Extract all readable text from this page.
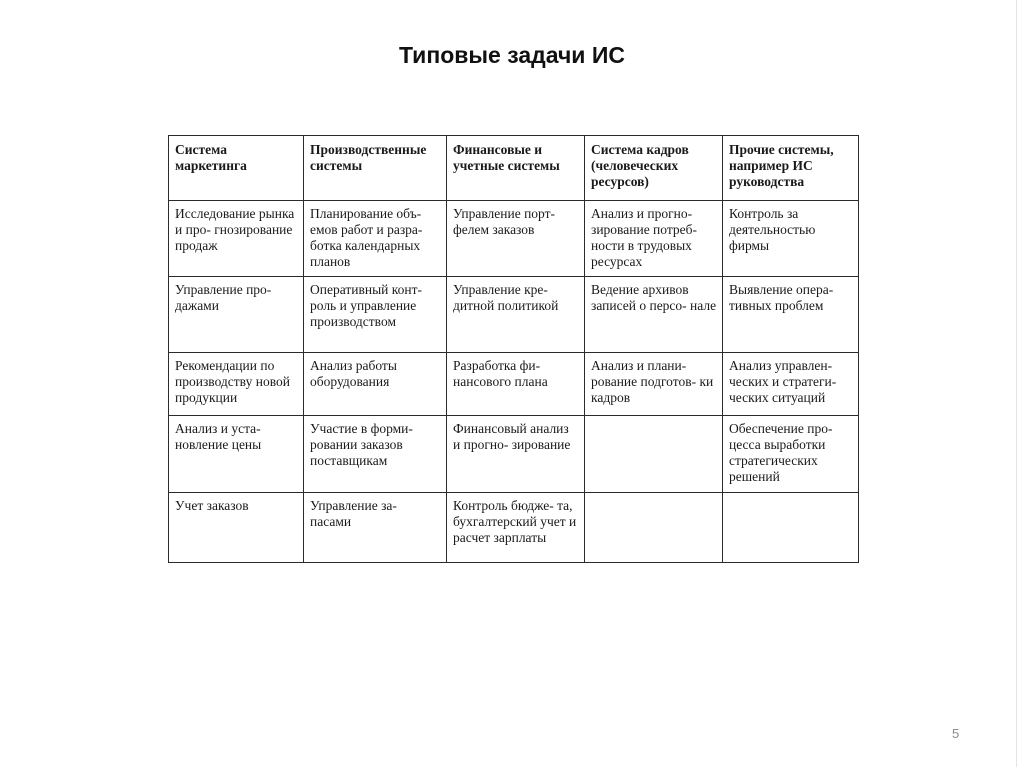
Типовые задачи ИС
Система маркетинга	Производственные системы	Финансовые и учетные системы	Система кадров (человеческих ресурсов)	Прочие системы, например ИС руководства
Исследование рынка и про- гнозирование продаж	Планирование объ- емов работ и разра- ботка календарных планов	Управление порт- фелем заказов	Анализ и прогно- зирование потреб- ности в трудовых ресурсах	Контроль за деятельностью фирмы
Управление про- дажами	Оперативный конт- роль и управление производством	Управление кре- дитной политикой	Ведение архивов записей о персо- нале	Выявление опера- тивных проблем
Рекомендации по производству новой продукции	Анализ работы оборудования	Разработка фи- нансового плана	Анализ и плани- рование подготов- ки кадров	Анализ управлен- ческих и стратеги- ческих ситуаций
Анализ и уста- новление цены	Участие в форми- ровании заказов поставщикам	Финансовый анализ и прогно- зирование		Обеспечение про- цесса выработки стратегических решений
Учет заказов	Управление за- пасами	Контроль бюдже- та, бухгалтерский учет и расчет зарплаты		
5
